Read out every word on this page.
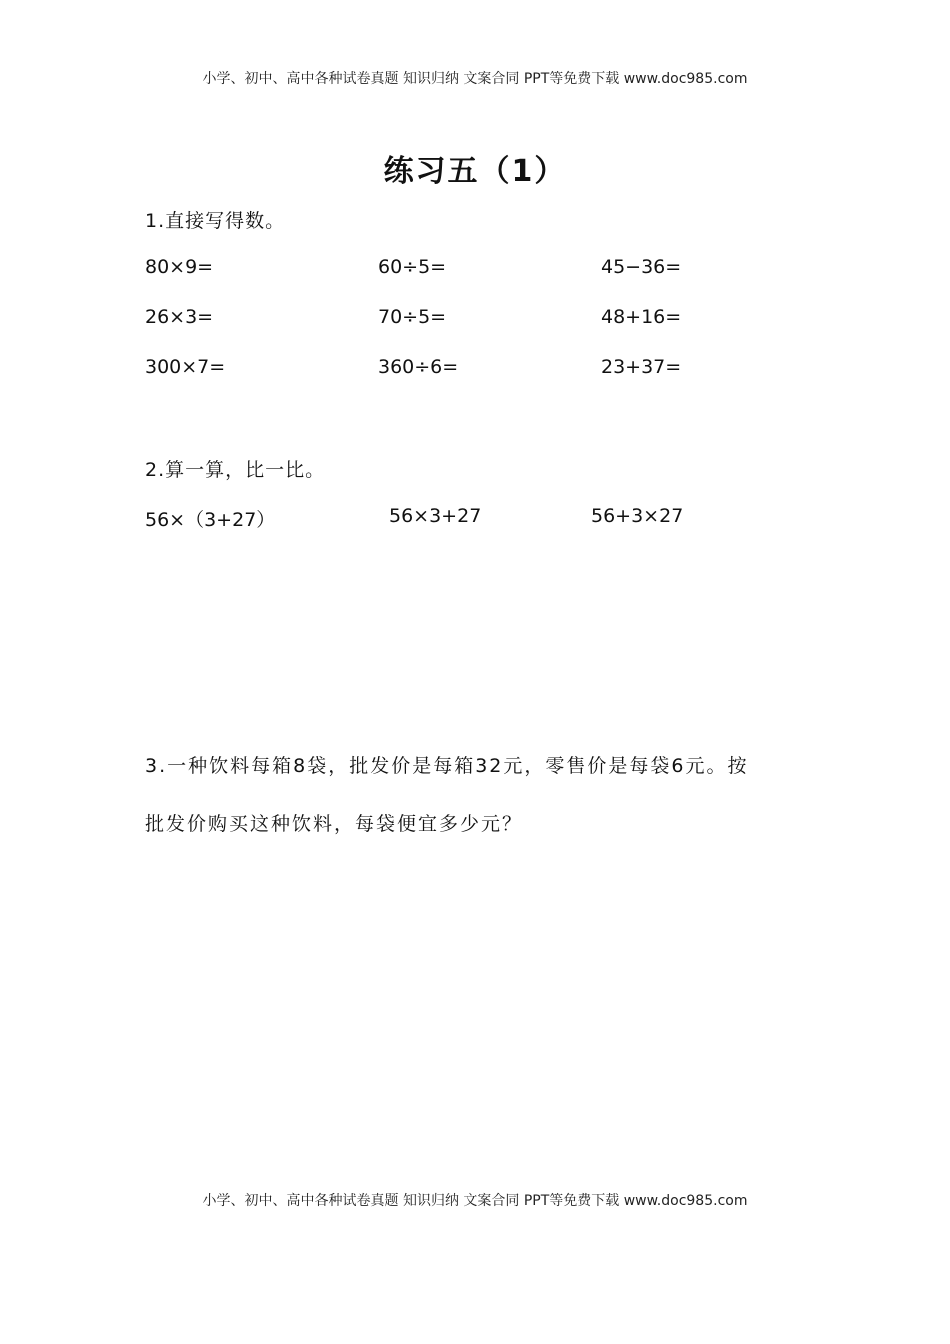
小学、初中、高中各种试卷真题 知识归纳 文案合同 PPT等免费下载 www.doc985.com
练习五（1）
1.直接写得数。
80×9=	60÷5=	45−36=
26×3=	70÷5=	48+16=
300×7=	360÷6=	23+37=
2.算一算，比一比。
56×（3+27）	56×3+27	56+3×27
3.一种饮料每箱8袋，批发价是每箱32元，零售价是每袋6元。按
批发价购买这种饮料，每袋便宜多少元？
小学、初中、高中各种试卷真题 知识归纳 文案合同 PPT等免费下载 www.doc985.com
